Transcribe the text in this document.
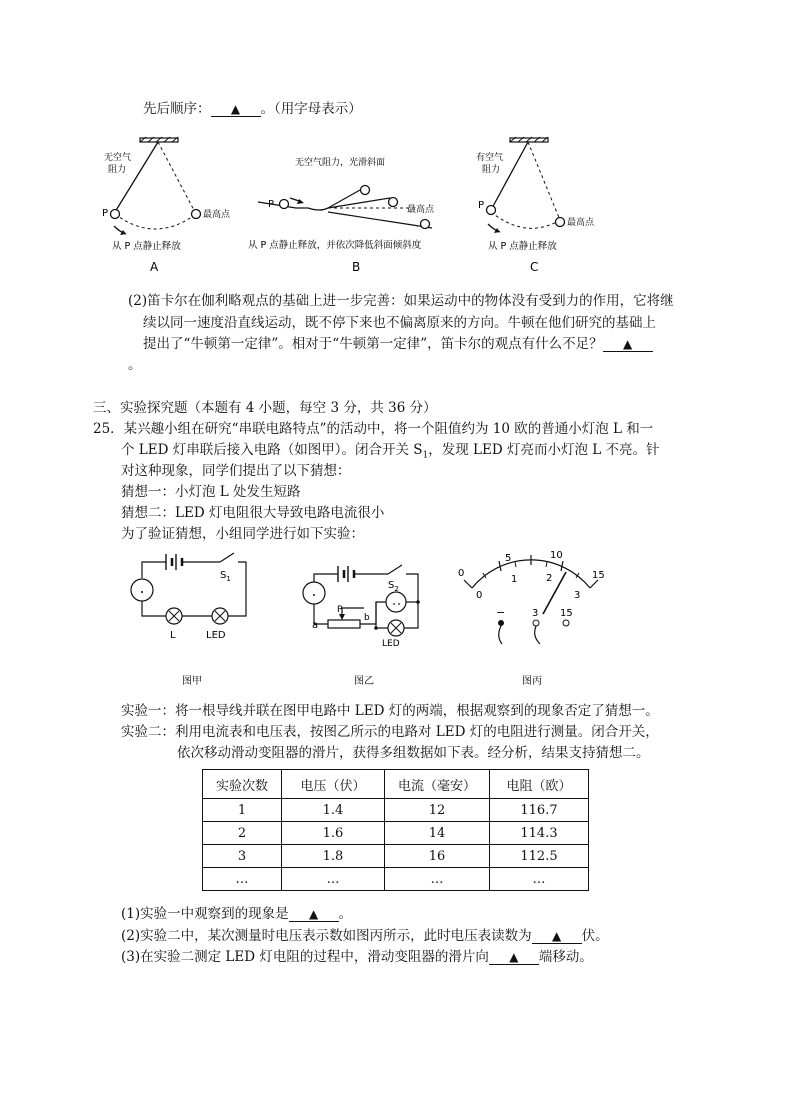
先后顺序： ▲ 。（用字母表示）
无空气
阻力
P	最高点
从 P 点静止释放
A
无空气阻力，光滑斜面
P	最高点
从 P 点静止释放，并依次降低斜面倾斜度
B
有空气
阻力
P
最高点
从 P 点静止释放
C
(2)笛卡尔在伽利略观点的基础上进一步完善：如果运动中的物体没有受到力的作用，它将继
续以同一速度沿直线运动，既不停下来也不偏离原来的方向。牛顿在他们研究的基础上
提出了“牛顿第一定律”。相对于“牛顿第一定律”，笛卡尔的观点有什么不足？ ▲
。
三、实验探究题（本题有 4 小题，每空 3 分，共 36 分）
25．某兴趣小组在研究“串联电路特点”的活动中，将一个阻值约为 10 欧的普通小灯泡 L 和一
个 LED 灯串联后接入电路（如图甲）。闭合开关 $S_1$，发现 LED 灯亮而小灯泡 L 不亮。针
对这种现象，同学们提出了以下猜想：
猜想一：小灯泡 L 处发生短路
猜想二：LED 灯电阻很大导致电路电流很小
为了验证猜想，小组同学进行如下实验：
$S_1$
L	LED
图甲
$S_2$
P
a
b
LED
图乙
0
5	10
15
0
1	2
3
−	3 15
图丙
实验一：将一根导线并联在图甲电路中 LED 灯的两端，根据观察到的现象否定了猜想一。
实验二：利用电流表和电压表，按图乙所示的电路对 LED 灯的电阻进行测量。闭合开关，
依次移动滑动变阻器的滑片，获得多组数据如下表。经分析，结果支持猜想二。
实验次数	电压（伏）	电流（毫安）	电阻（欧）
1	1.4	12	116.7
2	1.6	14	114.3
3	1.8	16	112.5
…	…	…	…
(1)实验一中观察到的现象是 ▲ 。
(2)实验二中，某次测量时电压表示数如图丙所示，此时电压表读数为 ▲ 伏。
(3)在实验二测定 LED 灯电阻的过程中，滑动变阻器的滑片向 ▲ 端移动。
